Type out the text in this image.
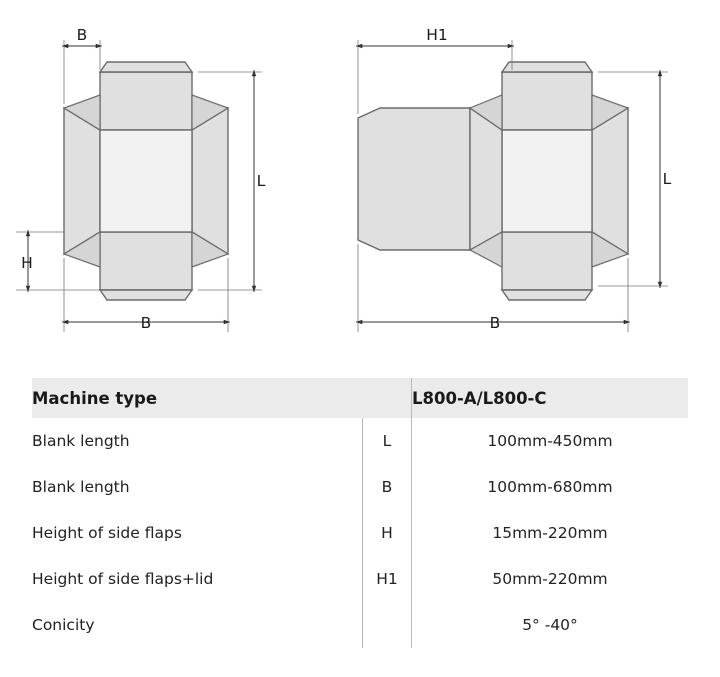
B
L
H
B
H1
L
B
Machine type		L800-A/L800-C
Blank length	L	100mm-450mm
Blank length	B	100mm-680mm
Height of side flaps	H	15mm-220mm
Height of side flaps+lid	H1	50mm-220mm
Conicity		5° -40°
